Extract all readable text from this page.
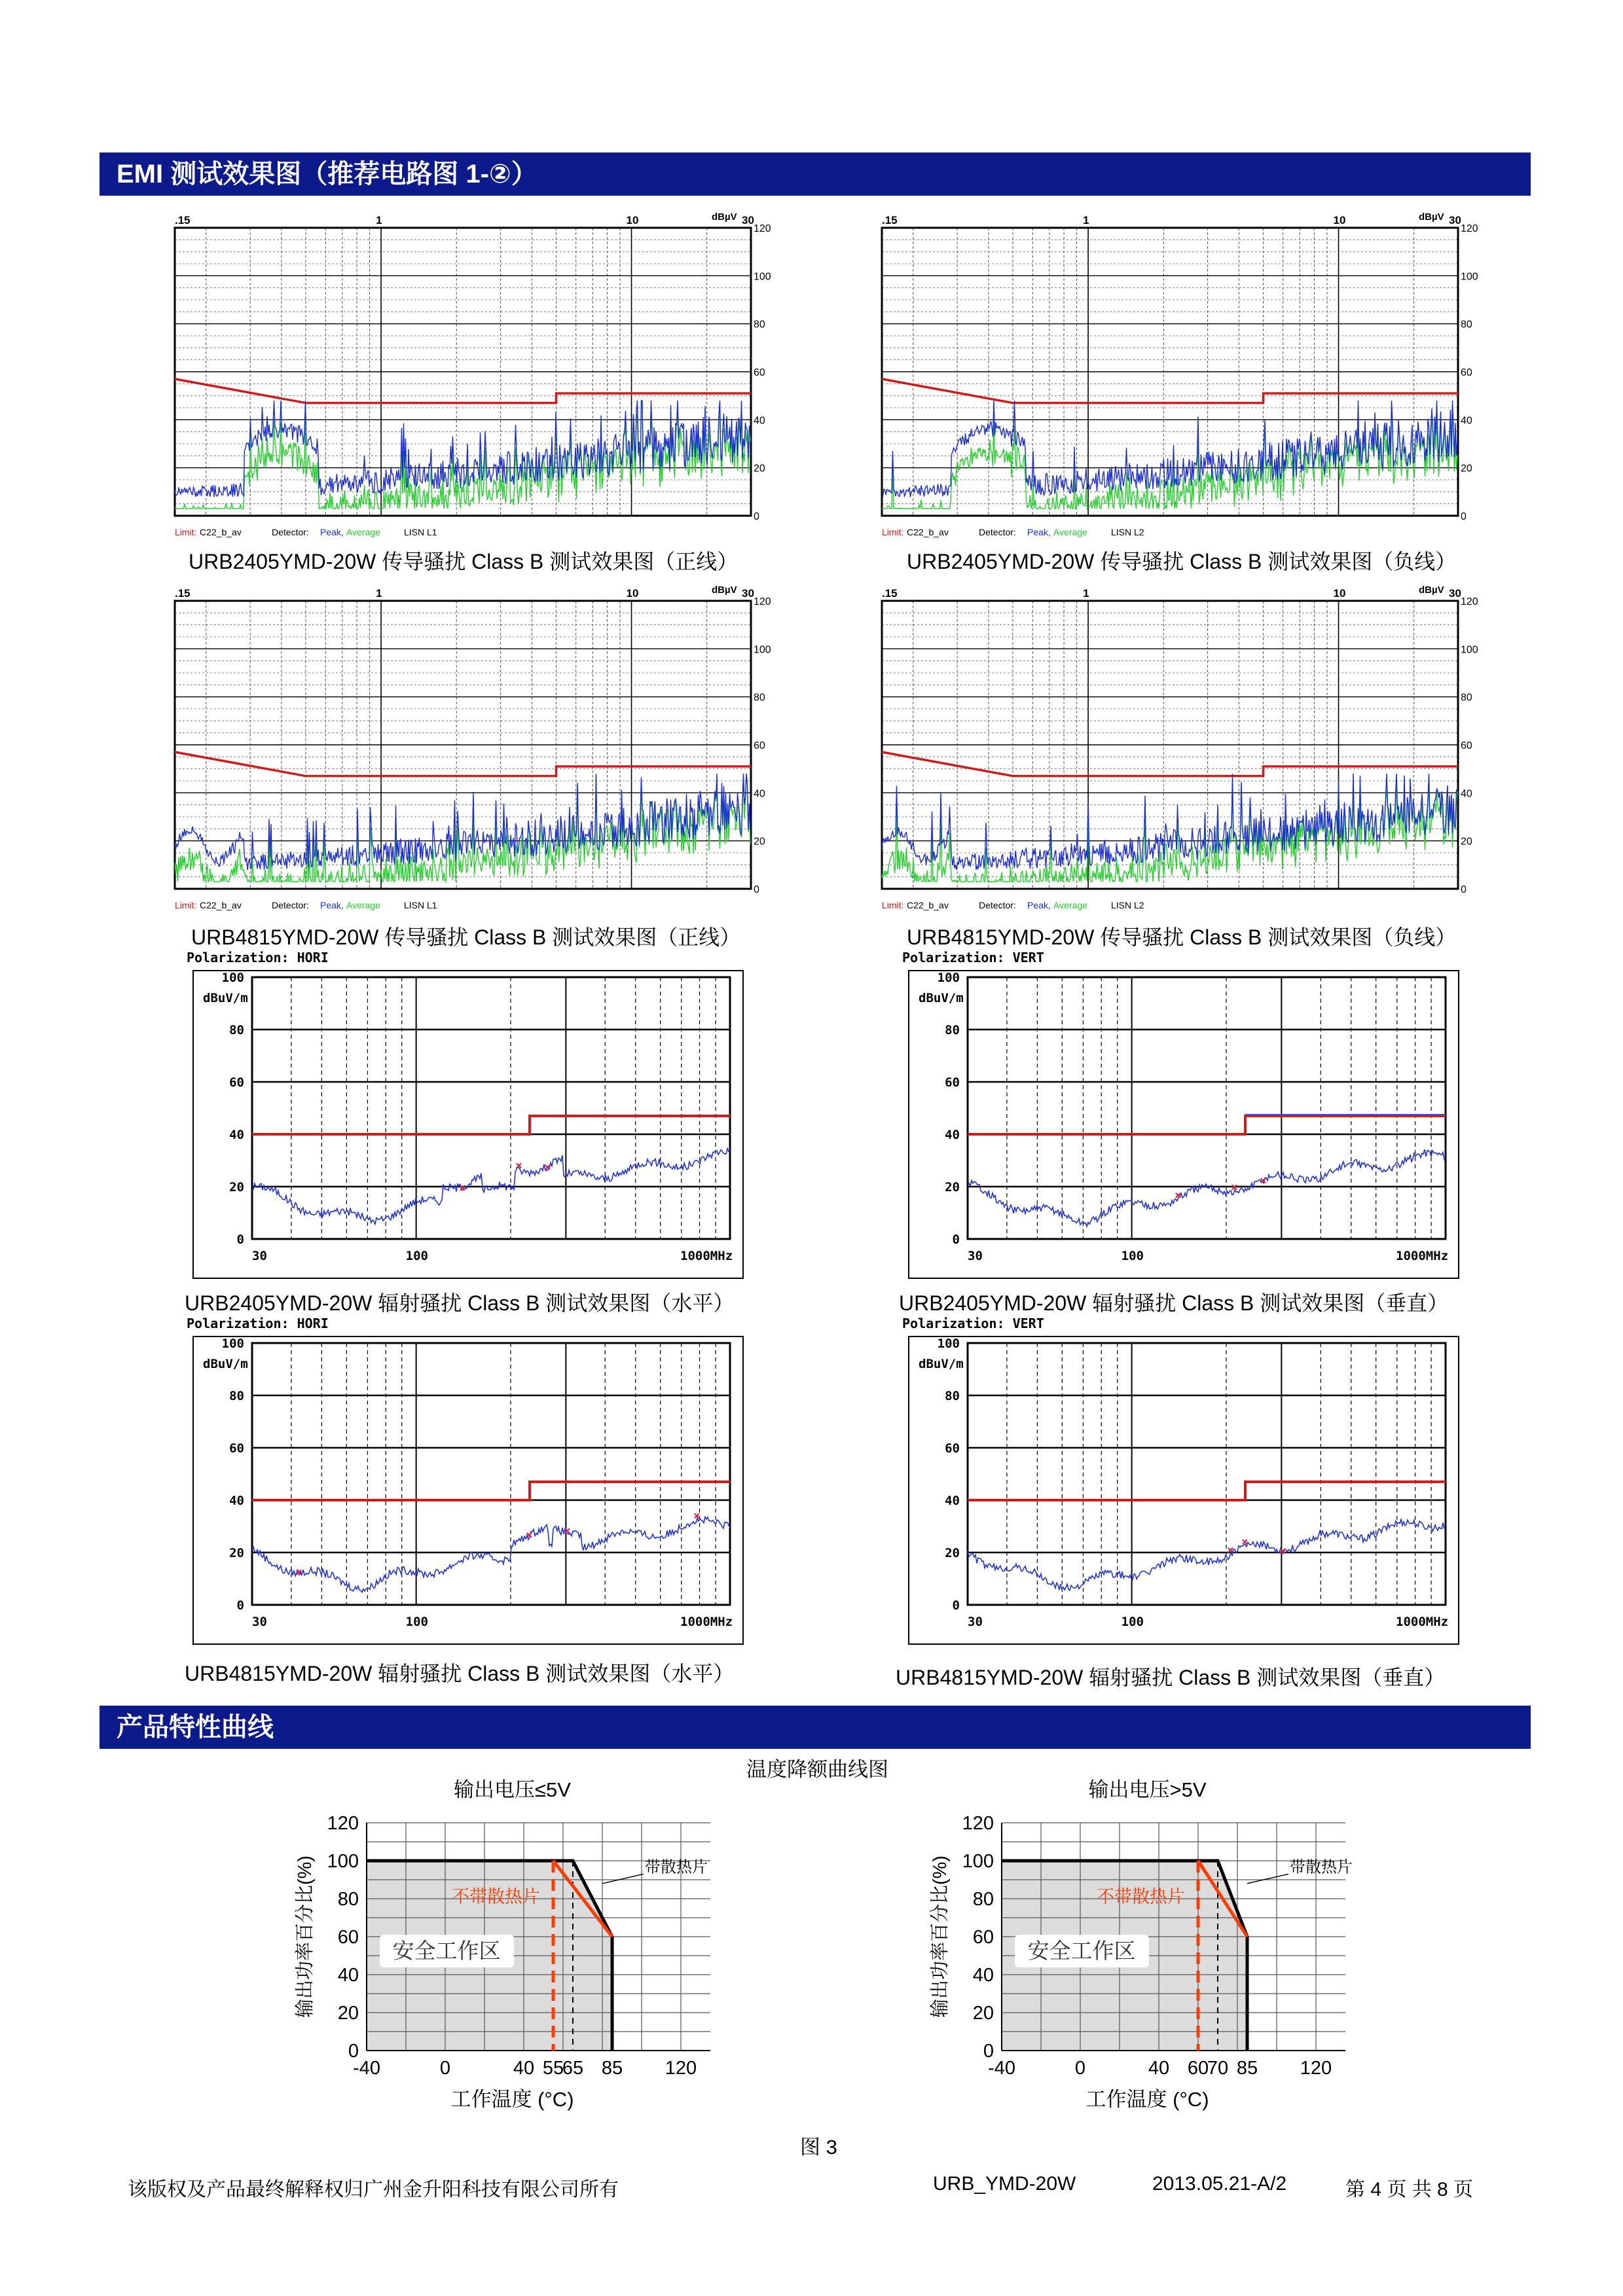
EMI 测试效果图（推荐电路图 1-②）
.15	1	10	30
dBµV
120
100
80
60
40
20
0
Limit: C22_b_av	Detector: Peak, Average	LISN L1
.15	1	10	30
dBµV
120
100
80
60
40
20
0
Limit: C22_b_av	Detector: Peak, Average	LISN L2
URB2405YMD-20W 传导骚扰 Class B 测试效果图（正线）	URB2405YMD-20W 传导骚扰 Class B 测试效果图（负线）
.15	1	10	30
dBµV
120
100
80
60
40
20
0
Limit: C22_b_av	Detector: Peak, Average	LISN L1
.15	1	10	30
dBµV
120
100
80
60
40
20
0
Limit: C22_b_av	Detector: Peak, Average	LISN L2
URB4815YMD-20W 传导骚扰 Class B 测试效果图（正线）	URB4815YMD-20W 传导骚扰 Class B 测试效果图（负线）
Polarization: HORI
100
80
60
40
20
0
dBuV/m
30	100	1000MHz
×
× ×
Polarization: VERT
100
80
60
40
20
0
dBuV/m
30	100	1000MHz
×
× ×
URB2405YMD-20W 辐射骚扰 Class B 测试效果图（水平）	URB2405YMD-20W 辐射骚扰 Class B 测试效果图（垂直）
Polarization: HORI
100
80
60
40
20
0
dBuV/m
30	100	1000MHz
×
×	×
×
Polarization: VERT
100
80
60
40
20
0
dBuV/m
30	100	1000MHz
×
×
×
URB4815YMD-20W 辐射骚扰 Class B 测试效果图（水平）	URB4815YMD-20W 辐射骚扰 Class B 测试效果图（垂直）
产品特性曲线
温度降额曲线图
输出电压≤5V
120
100
80
60
40
20
0
-40	0	40 55
65 85 120
输出功率百分比(%)
工作温度 (°C)
安全工作区
不带散热片
带散热片
输出电压>5V
120
100
80
60
40
20
0
-40	0	40 60
70 85 120
输出功率百分比(%)
工作温度 (°C)
安全工作区
不带散热片
带散热片
图 3
该版权及产品最终解释权归广州金升阳科技有限公司所有	URB_YMD-20W	2013.05.21-A/2	第 4 页 共 8 页
